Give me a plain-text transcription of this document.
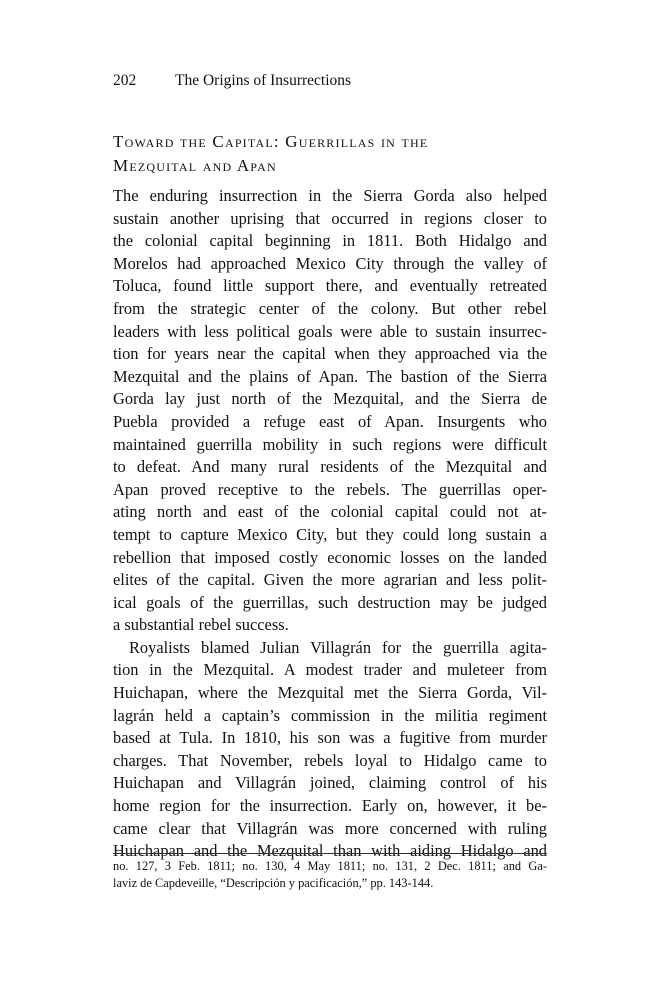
202	The Origins of Insurrections
Toward the Capital: Guerrillas in the
Mezquital and Apan
The enduring insurrection in the Sierra Gorda also helped
sustain another uprising that occurred in regions closer to
the colonial capital beginning in 1811. Both Hidalgo and
Morelos had approached Mexico City through the valley of
Toluca, found little support there, and eventually retreated
from the strategic center of the colony. But other rebel
leaders with less political goals were able to sustain insurrec-
tion for years near the capital when they approached via the
Mezquital and the plains of Apan. The bastion of the Sierra
Gorda lay just north of the Mezquital, and the Sierra de
Puebla provided a refuge east of Apan. Insurgents who
maintained guerrilla mobility in such regions were difficult
to defeat. And many rural residents of the Mezquital and
Apan proved receptive to the rebels. The guerrillas oper-
ating north and east of the colonial capital could not at-
tempt to capture Mexico City, but they could long sustain a
rebellion that imposed costly economic losses on the landed
elites of the capital. Given the more agrarian and less polit-
ical goals of the guerrillas, such destruction may be judged
a substantial rebel success.
Royalists blamed Julian Villagrán for the guerrilla agita-
tion in the Mezquital. A modest trader and muleteer from
Huichapan, where the Mezquital met the Sierra Gorda, Vil-
lagrán held a captain’s commission in the militia regiment
based at Tula. In 1810, his son was a fugitive from murder
charges. That November, rebels loyal to Hidalgo came to
Huichapan and Villagrán joined, claiming control of his
home region for the insurrection. Early on, however, it be-
came clear that Villagrán was more concerned with ruling
Huichapan and the Mezquital than with aiding Hidalgo and
no. 127, 3 Feb. 1811; no. 130, 4 May 1811; no. 131, 2 Dec. 1811; and Ga-
laviz de Capdeveille, “Descripción y pacificación,” pp. 143-144.
